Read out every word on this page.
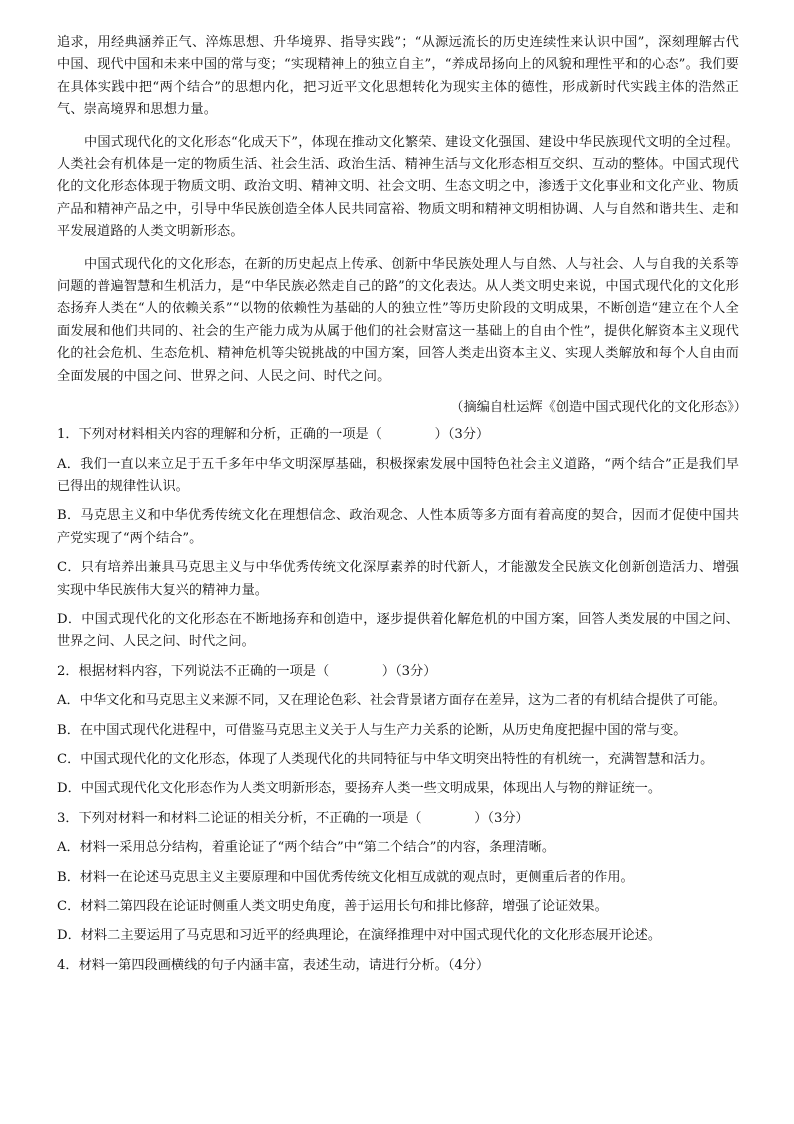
追求，用经典涵养正气、淬炼思想、升华境界、指导实践”；“从源远流长的历史连续性来认识中国”，深刻理解古代中国、现代中国和未来中国的常与变；“实现精神上的独立自主”，“养成昂扬向上的风貌和理性平和的心态”。我们要在具体实践中把“两个结合”的思想内化，把习近平文化思想转化为现实主体的德性，形成新时代实践主体的浩然正气、崇高境界和思想力量。

中国式现代化的文化形态“化成天下”，体现在推动文化繁荣、建设文化强国、建设中华民族现代文明的全过程。人类社会有机体是一定的物质生活、社会生活、政治生活、精神生活与文化形态相互交织、互动的整体。中国式现代化的文化形态体现于物质文明、政治文明、精神文明、社会文明、生态文明之中，渗透于文化事业和文化产业、物质产品和精神产品之中，引导中华民族创造全体人民共同富裕、物质文明和精神文明相协调、人与自然和谐共生、走和平发展道路的人类文明新形态。

中国式现代化的文化形态，在新的历史起点上传承、创新中华民族处理人与自然、人与社会、人与自我的关系等问题的普遍智慧和生机活力，是“中华民族必然走自己的路”的文化表达。从人类文明史来说，中国式现代化的文化形态扬弃人类在“人的依赖关系”“以物的依赖性为基础的人的独立性”等历史阶段的文明成果，不断创造“建立在个人全面发展和他们共同的、社会的生产能力成为从属于他们的社会财富这一基础上的自由个性”，提供化解资本主义现代化的社会危机、生态危机、精神危机等尖锐挑战的中国方案，回答人类走出资本主义、实现人类解放和每个人自由而全面发展的中国之问、世界之问、人民之问、时代之问。

（摘编自杜运辉《创造中国式现代化的文化形态》）

1．下列对材料相关内容的理解和分析，正确的一项是（　　　　）（3分）

A．我们一直以来立足于五千多年中华文明深厚基础，积极探索发展中国特色社会主义道路，“两个结合”正是我们早已得出的规律性认识。

B．马克思主义和中华优秀传统文化在理想信念、政治观念、人性本质等多方面有着高度的契合，因而才促使中国共产党实现了“两个结合”。

C．只有培养出兼具马克思主义与中华优秀传统文化深厚素养的时代新人，才能激发全民族文化创新创造活力、增强实现中华民族伟大复兴的精神力量。

D．中国式现代化的文化形态在不断地扬弃和创造中，逐步提供着化解危机的中国方案，回答人类发展的中国之问、世界之问、人民之问、时代之问。

2．根据材料内容，下列说法不正确的一项是（　　　　）（3分）

A．中华文化和马克思主义来源不同，又在理论色彩、社会背景诸方面存在差异，这为二者的有机结合提供了可能。

B．在中国式现代化进程中，可借鉴马克思主义关于人与生产力关系的论断，从历史角度把握中国的常与变。

C．中国式现代化的文化形态，体现了人类现代化的共同特征与中华文明突出特性的有机统一，充满智慧和活力。

D．中国式现代化文化形态作为人类文明新形态，要扬弃人类一些文明成果，体现出人与物的辩证统一。

3．下列对材料一和材料二论证的相关分析，不正确的一项是（　　　　）（3分）

A．材料一采用总分结构，着重论证了“两个结合”中“第二个结合”的内容，条理清晰。

B．材料一在论述马克思主义主要原理和中国优秀传统文化相互成就的观点时，更侧重后者的作用。

C．材料二第四段在论证时侧重人类文明史角度，善于运用长句和排比修辞，增强了论证效果。

D．材料二主要运用了马克思和习近平的经典理论，在演绎推理中对中国式现代化的文化形态展开论述。

4．材料一第四段画横线的句子内涵丰富，表述生动，请进行分析。（4分）
